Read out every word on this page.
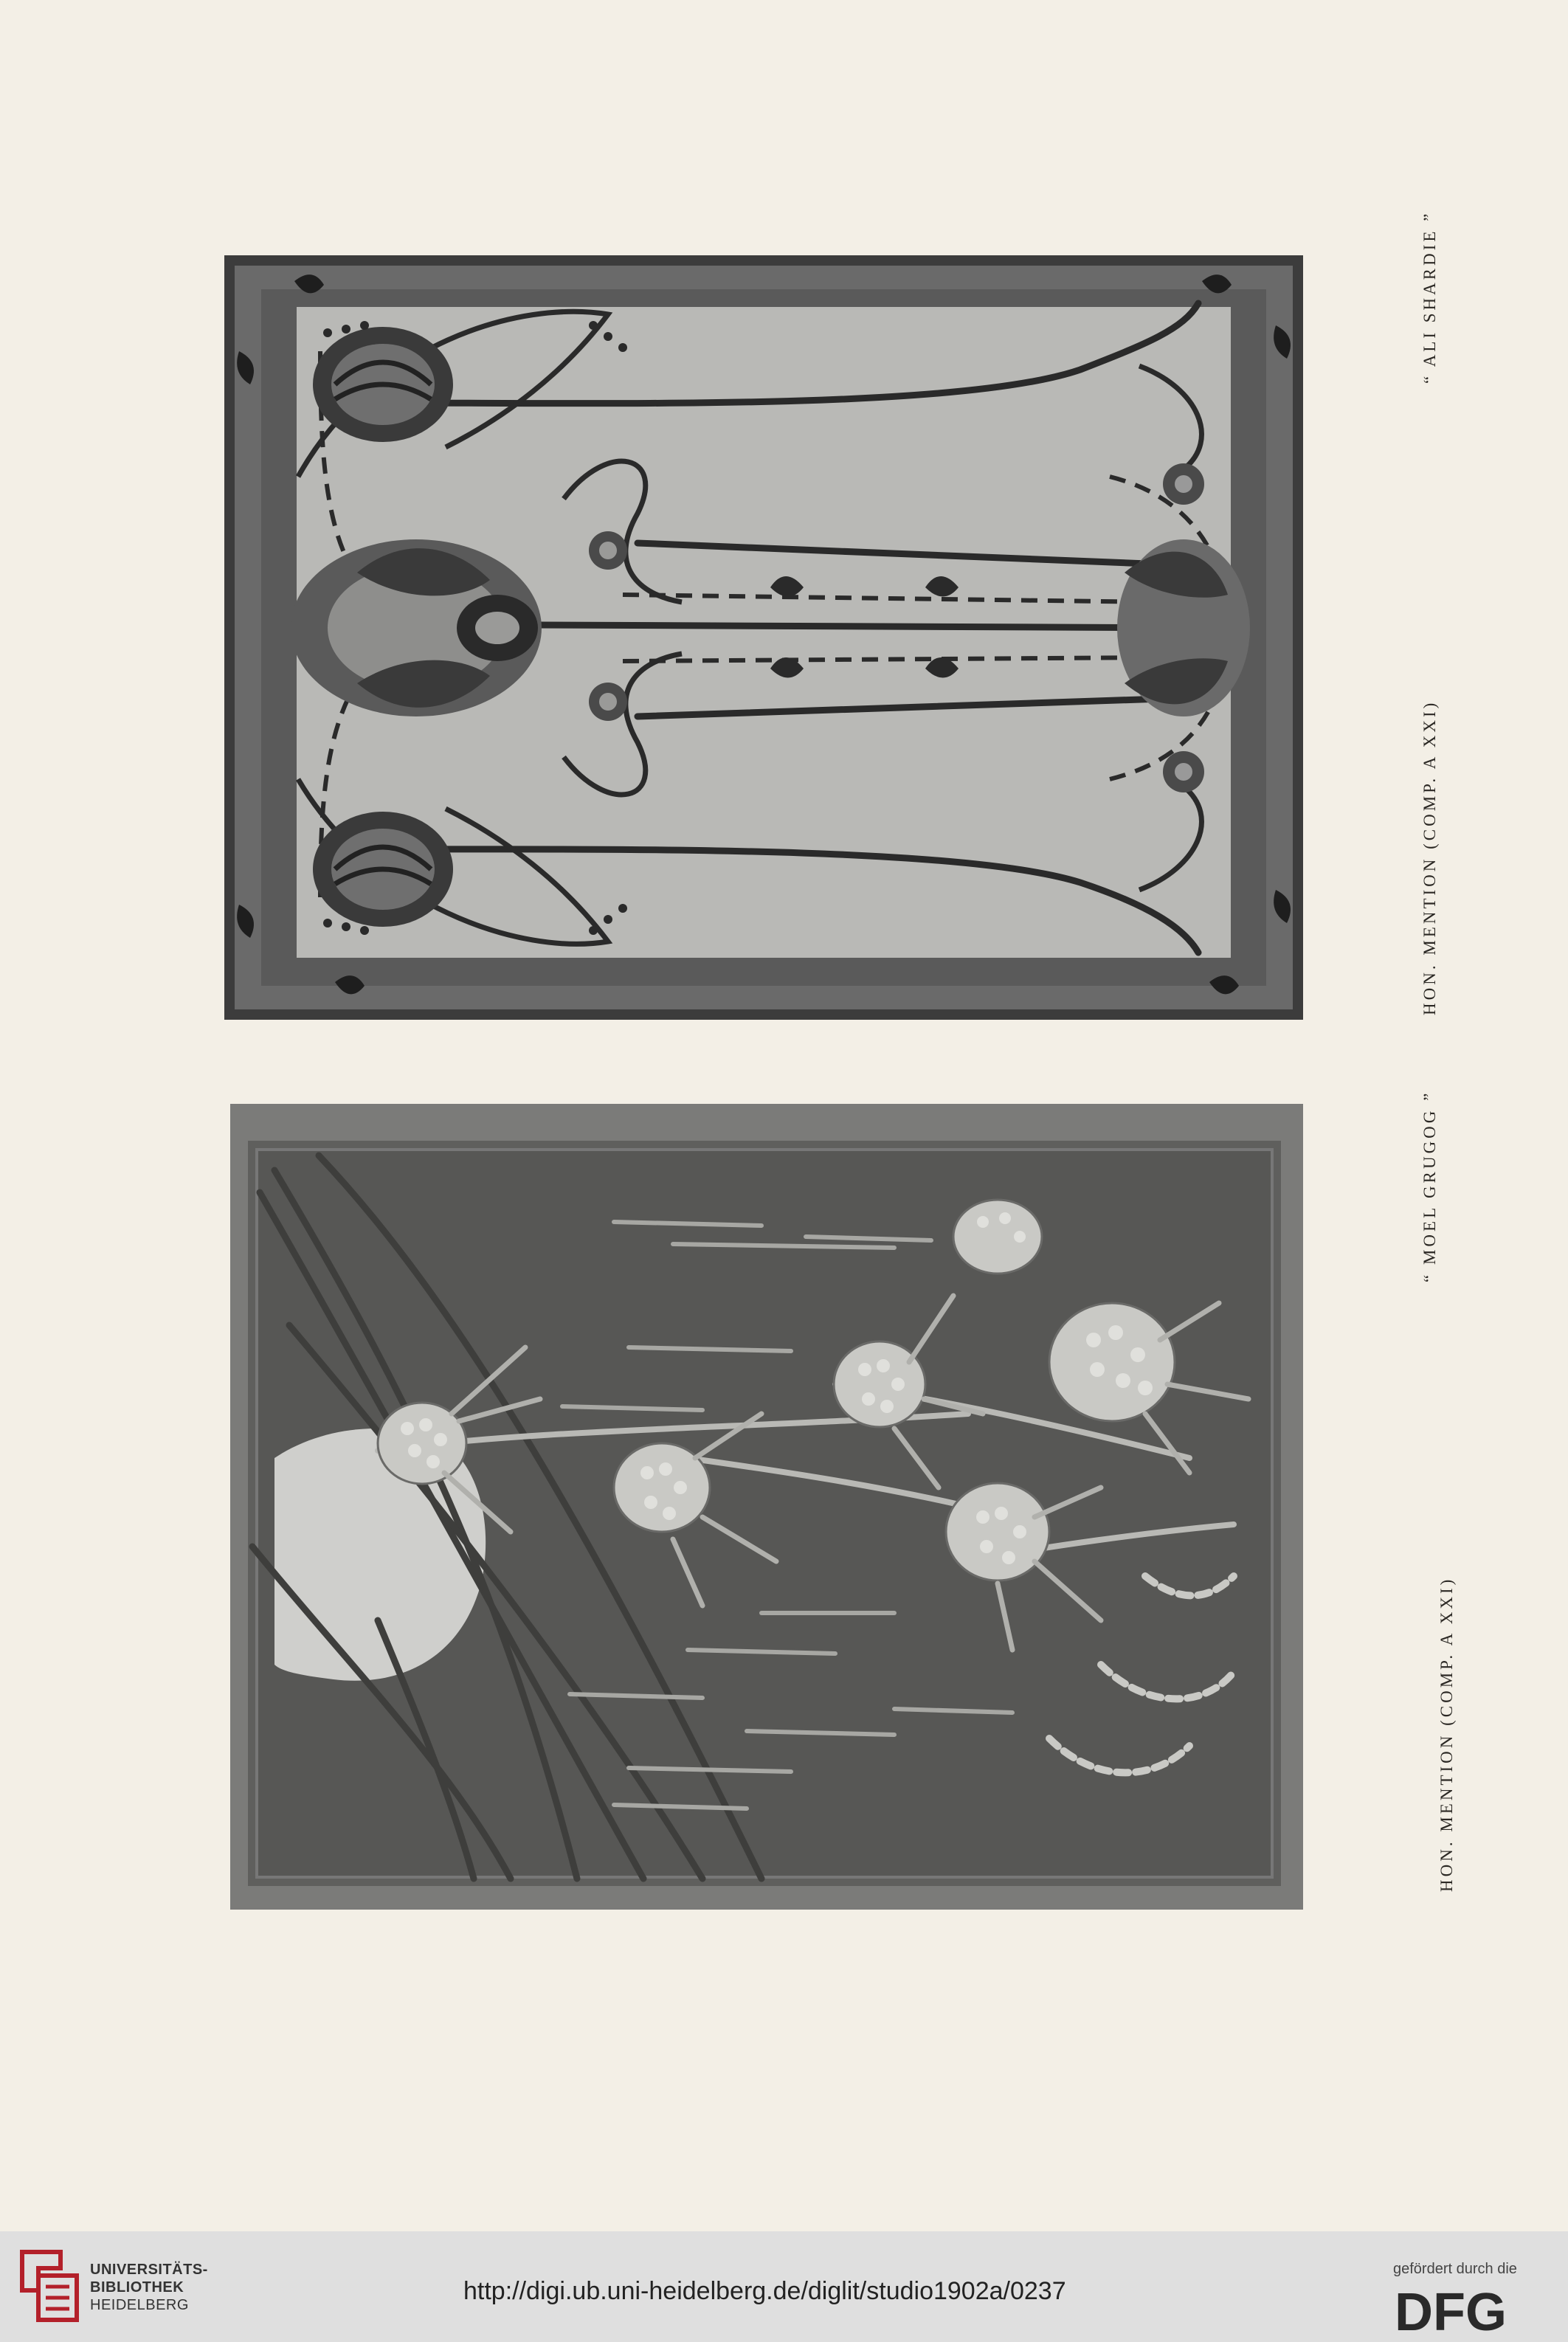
“ ALI SHARDIE ”
HON. MENTION (COMP. A XXI)
“ MOEL GRUGOG ”
HON. MENTION (COMP. A XXI)
UNIVERSITÄTS-
BIBLIOTHEK
HEIDELBERG	http://digi.ub.uni-heidelberg.de/diglit/studio1902a/0237
gefördert durch die
DFG
